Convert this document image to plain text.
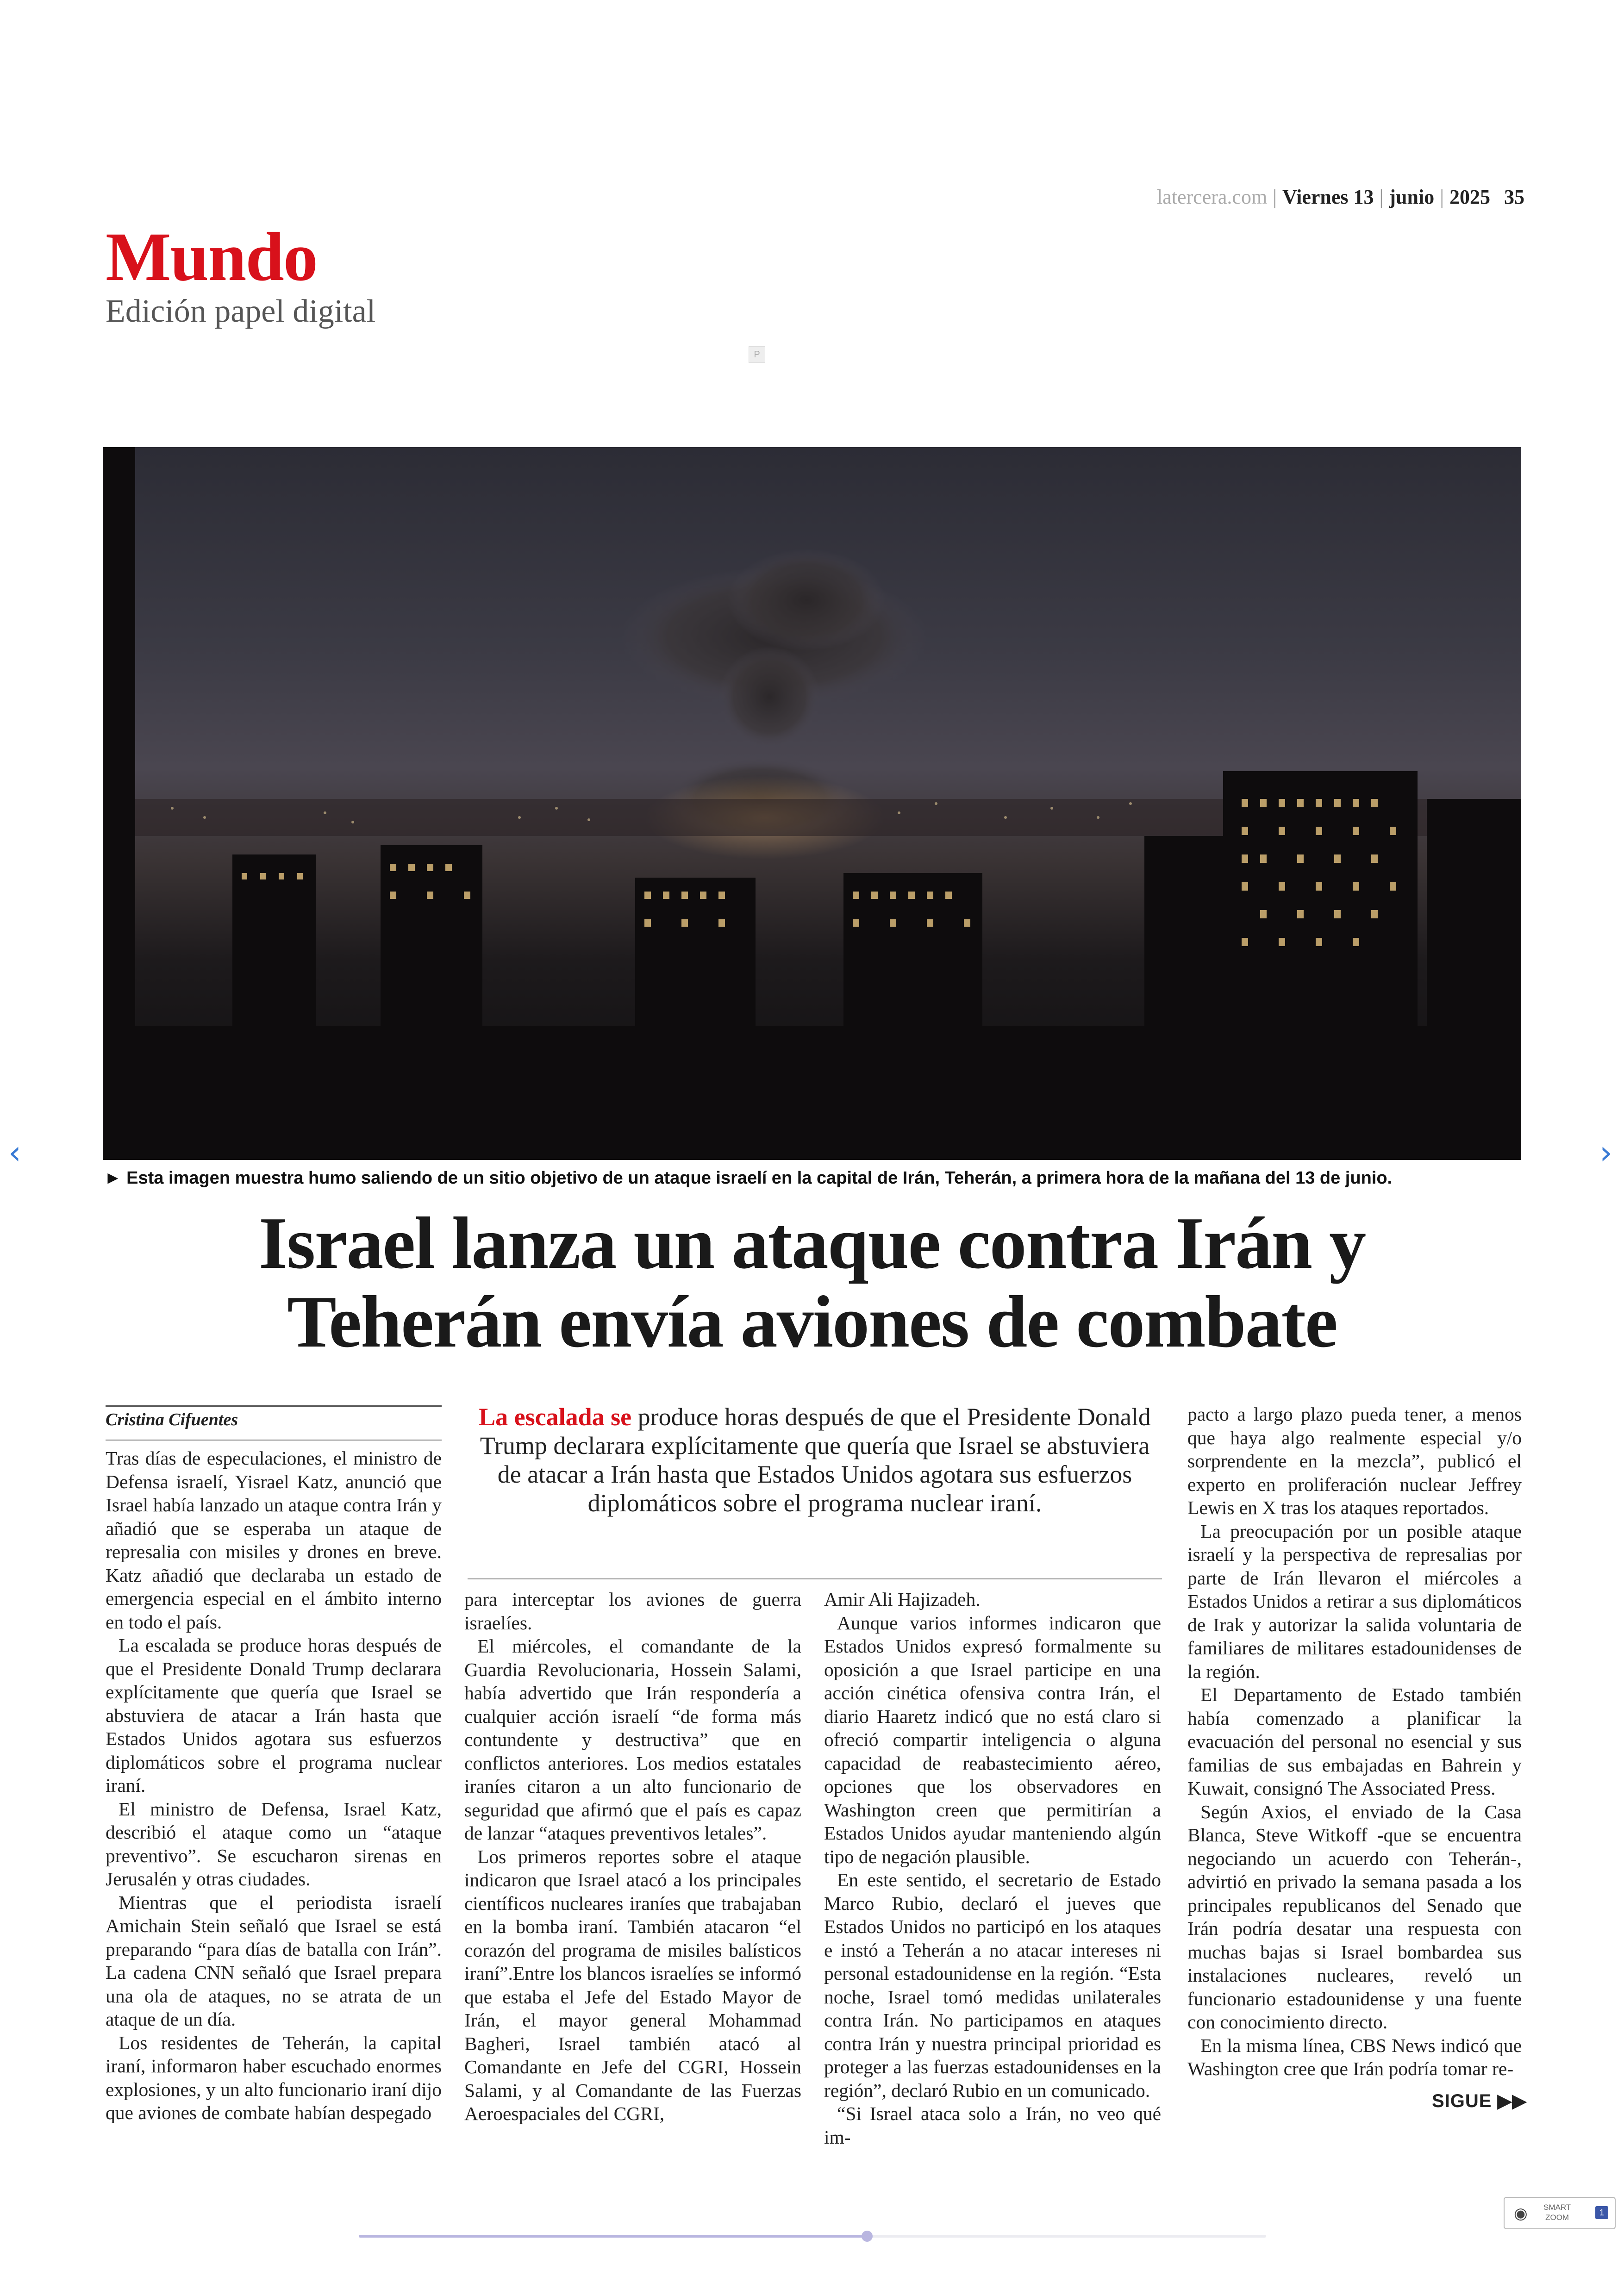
latercera.com | Viernes 13 | junio | 2025 35
Mundo
Edición papel digital
P
► Esta imagen muestra humo saliendo de un sitio objetivo de un ataque israelí en la capital de Irán, Teherán, a primera hora de la mañana del 13 de junio.
Israel lanza un ataque contra Irán y
Teherán envía aviones de combate
Cristina Cifuentes	La escalada se produce horas después de que el Presidente Donald Trump declarara explícitamente que quería que Israel se abstuviera de atacar a Irán hasta que Estados Unidos agotara sus esfuerzos diplomáticos sobre el programa nuclear iraní.

Tras días de especulaciones, el ministro de Defensa israelí, Yisrael Katz, anunció que Israel había lanzado un ataque contra Irán y añadió que se esperaba un ataque de represalia con misiles y drones en breve. Katz añadió que declaraba un estado de emergencia especial en el ámbito interno en todo el país.

La escalada se produce horas después de que el Presidente Donald Trump declarara explícitamente que quería que Israel se abstuviera de atacar a Irán hasta que Estados Unidos agotara sus esfuerzos diplomáticos sobre el programa nuclear iraní.

El ministro de Defensa, Israel Katz, describió el ataque como un “ataque preventivo”. Se escucharon sirenas en Jerusalén y otras ciudades.

Mientras que el periodista israelí Amichain Stein señaló que Israel se está preparando “para días de batalla con Irán”. La cadena CNN señaló que Israel prepara una ola de ataques, no se atrata de un ataque de un día.

Los residentes de Teherán, la capital iraní, informaron haber escuchado enormes explosiones, y un alto funcionario iraní dijo que aviones de combate habían despegado

para interceptar los aviones de guerra israelíes.

El miércoles, el comandante de la Guardia Revolucionaria, Hossein Salami, había advertido que Irán respondería a cualquier acción israelí “de forma más contundente y destructiva” que en conflictos anteriores. Los medios estatales iraníes citaron a un alto funcionario de seguridad que afirmó que el país es capaz de lanzar “ataques preventivos letales”.

Los primeros reportes sobre el ataque indicaron que Israel atacó a los principales científicos nucleares iraníes que trabajaban en la bomba iraní. También atacaron “el corazón del programa de misiles balísticos iraní”.Entre los blancos israelíes se informó que estaba el Jefe del Estado Mayor de Irán, el mayor general Mohammad Bagheri, Israel también atacó al Comandante en Jefe del CGRI, Hossein Salami, y al Comandante de las Fuerzas Aeroespaciales del CGRI,

Amir Ali Hajizadeh.

Aunque varios informes indicaron que Estados Unidos expresó formalmente su oposición a que Israel participe en una acción cinética ofensiva contra Irán, el diario Haaretz indicó que no está claro si ofreció compartir inteligencia o alguna capacidad de reabastecimiento aéreo, opciones que los observadores en Washington creen que permitirían a Estados Unidos ayudar manteniendo algún tipo de negación plausible.

En este sentido, el secretario de Estado Marco Rubio, declaró el jueves que Estados Unidos no participó en los ataques e instó a Teherán a no atacar intereses ni personal estadounidense en la región. “Esta noche, Israel tomó medidas unilaterales contra Irán. No participamos en ataques contra Irán y nuestra principal prioridad es proteger a las fuerzas estadounidenses en la región”, declaró Rubio en un comunicado.

“Si Israel ataca solo a Irán, no veo qué im-

pacto a largo plazo pueda tener, a menos que haya algo realmente especial y/o sorprendente en la mezcla”, publicó el experto en proliferación nuclear Jeffrey Lewis en X tras los ataques reportados.

La preocupación por un posible ataque israelí y la perspectiva de represalias por parte de Irán llevaron el miércoles a Estados Unidos a retirar a sus diplomáticos de Irak y autorizar la salida voluntaria de familiares de militares estadounidenses de la región.

El Departamento de Estado también había comenzado a planificar la evacuación del personal no esencial y sus familias de sus embajadas en Bahrein y Kuwait, consignó The Associated Press.

Según Axios, el enviado de la Casa Blanca, Steve Witkoff -que se encuentra negociando un acuerdo con Teherán-, advirtió en privado la semana pasada a los principales republicanos del Senado que Irán podría desatar una respuesta con muchas bajas si Israel bombardea sus instalaciones nucleares, reveló un funcionario estadounidense y una fuente con conocimiento directo.

En la misma línea, CBS News indicó que Washington cree que Irán podría tomar re-

SIGUE ▶▶
‹	›
◉ SMART
ZOOM
1
